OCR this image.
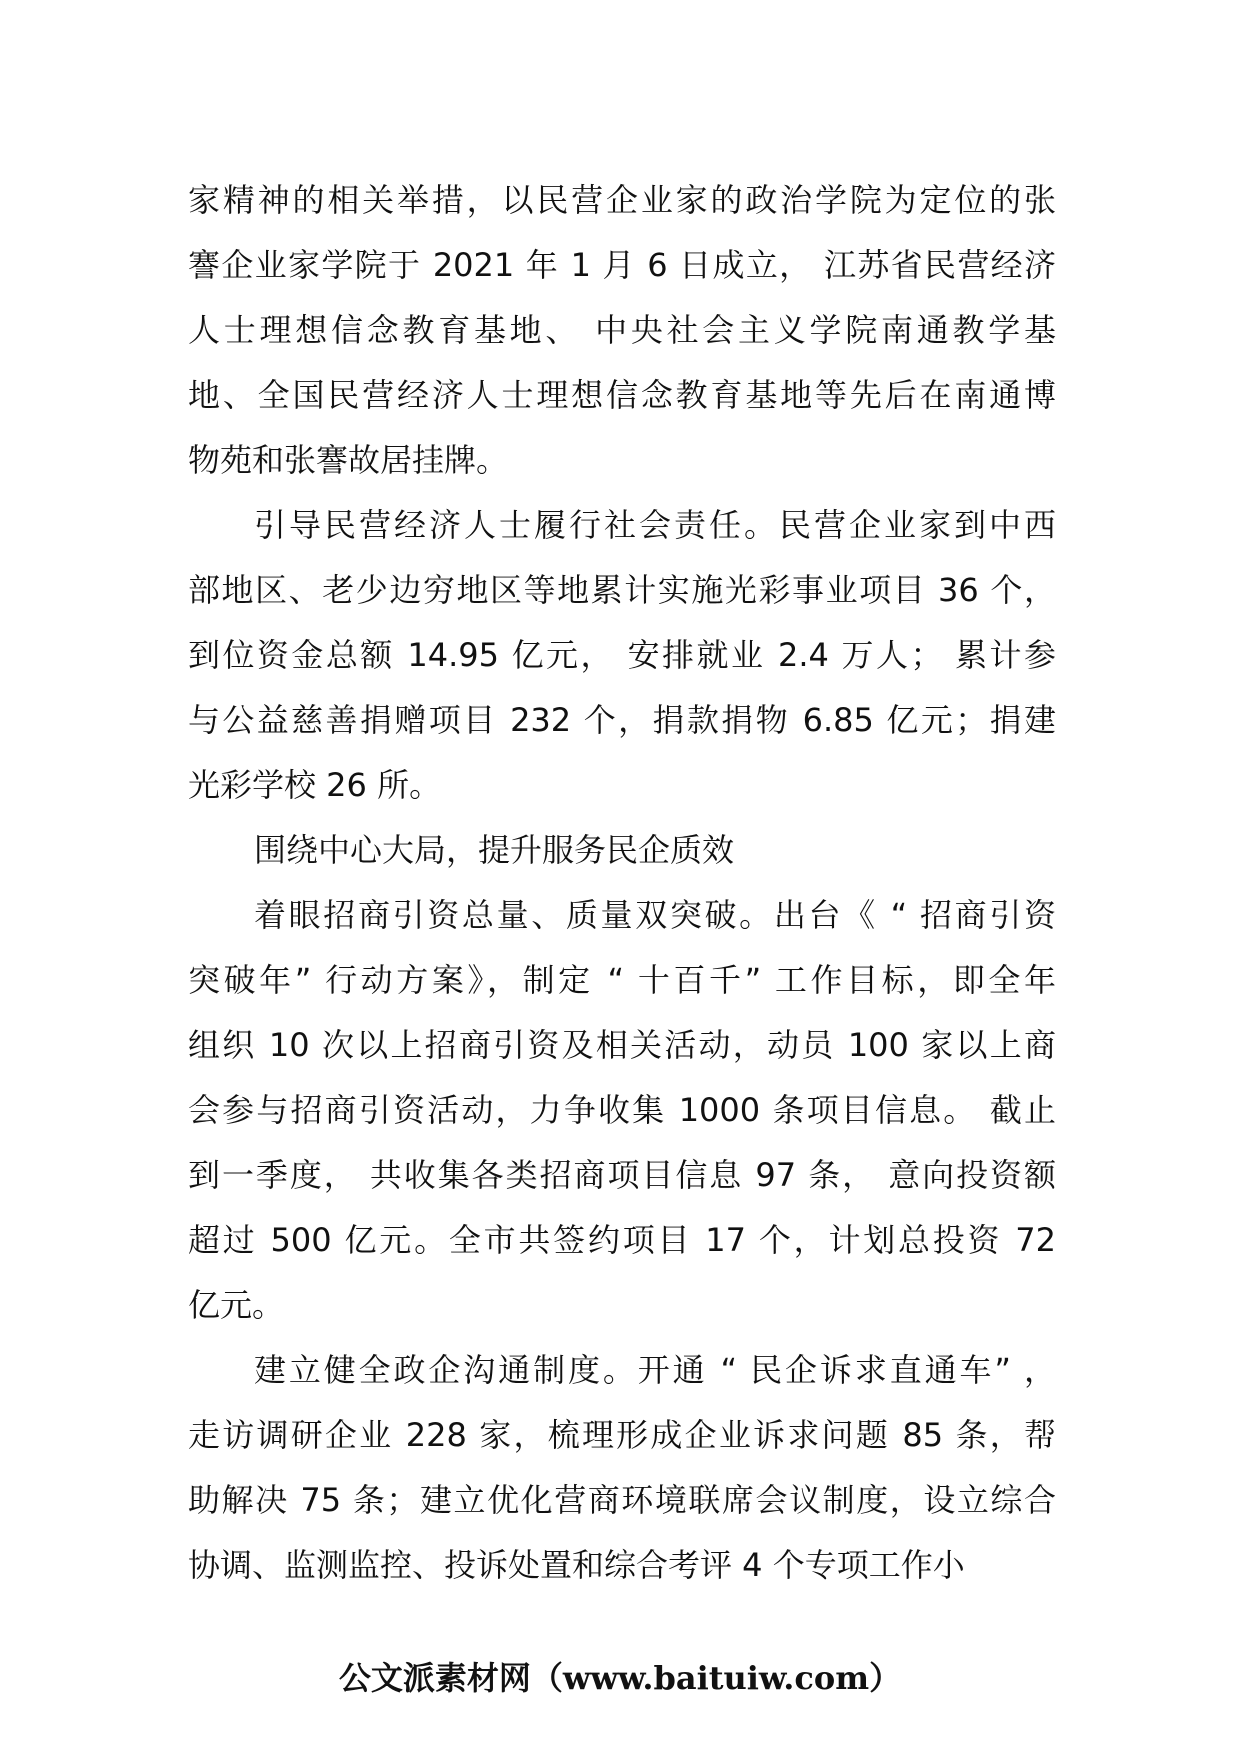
家精神的相关举措，以民营企业家的政治学院为定位的张
謇企业家学院于 2021 年 1 月 6 日成立， 江苏省民营经济
人士理想信念教育基地、 中央社会主义学院南通教学基
地、全国民营经济人士理想信念教育基地等先后在南通博
物苑和张謇故居挂牌。
引导民营经济人士履行社会责任。民营企业家到中西
部地区、老少边穷地区等地累计实施光彩事业项目 36 个，
到位资金总额 14.95 亿元， 安排就业 2.4 万人； 累计参
与公益慈善捐赠项目 232 个，捐款捐物 6.85 亿元；捐建
光彩学校 26 所。
围绕中心大局，提升服务民企质效
着眼招商引资总量、质量双突破。出台《 “ 招商引资
突破年” 行动方案》，制定 “ 十百千” 工作目标，即全年
组织 10 次以上招商引资及相关活动，动员 100 家以上商
会参与招商引资活动，力争收集 1000 条项目信息。 截止
到一季度， 共收集各类招商项目信息 97 条， 意向投资额
超过 500 亿元。全市共签约项目 17 个，计划总投资 72
亿元。
建立健全政企沟通制度。开通 “ 民企诉求直通车” ，
走访调研企业 228 家，梳理形成企业诉求问题 85 条，帮
助解决 75 条；建立优化营商环境联席会议制度，设立综合
协调、监测监控、投诉处置和综合考评 4 个专项工作小
公文派素材网（www.baituiw.com）
